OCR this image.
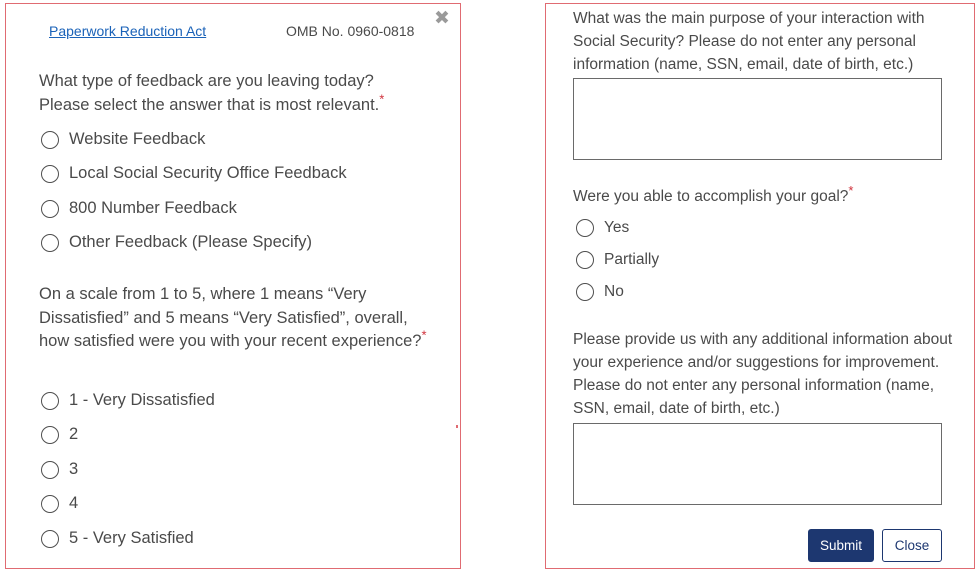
Paperwork Reduction Act	OMB No. 0960-0818
✖
What type of feedback are you leaving today? Please select the answer that is most relevant.*
Website Feedback
Local Social Security Office Feedback
800 Number Feedback
Other Feedback (Please Specify)
On a scale from 1 to 5, where 1 means “Very Dissatisfied” and 5 means “Very Satisfied”, overall, how satisfied were you with your recent experience?*
1 - Very Dissatisfied
2
3
4
5 - Very Satisfied
What was the main purpose of your interaction with Social Security? Please do not enter any personal information (name, SSN, email, date of birth, etc.)
Were you able to accomplish your goal?*
Yes
Partially
No
Please provide us with any additional information about your experience and/or suggestions for improvement. Please do not enter any personal information (name, SSN, email, date of birth, etc.)
Submit	Close
